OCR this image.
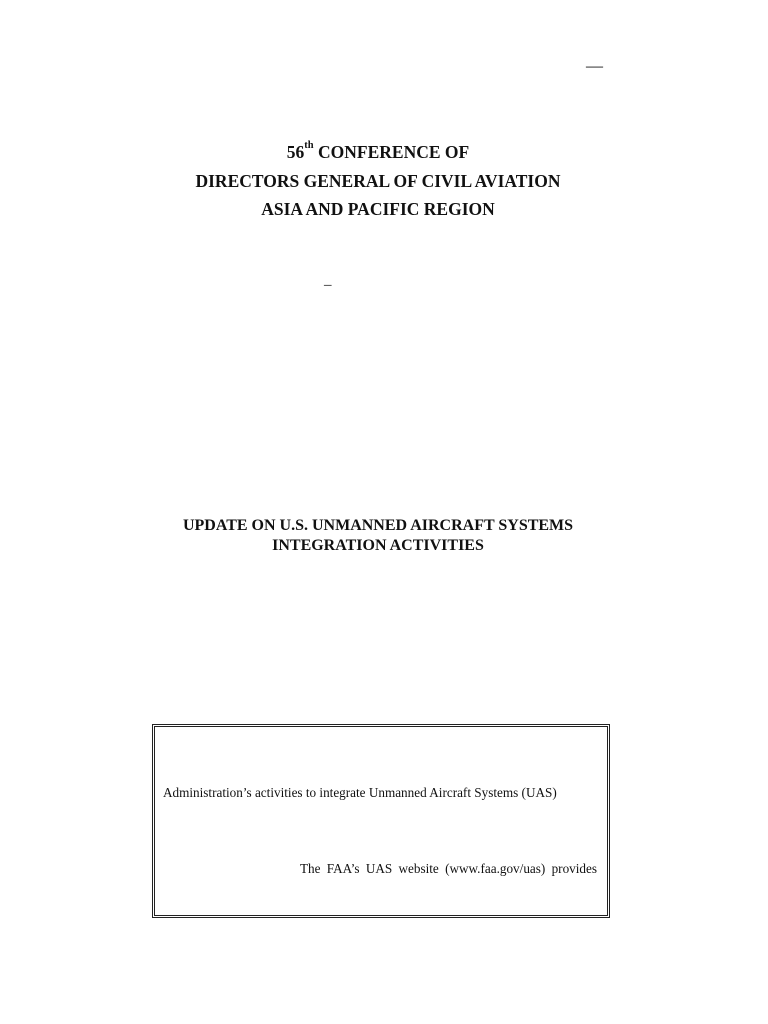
—
56th CONFERENCE OF
DIRECTORS GENERAL OF CIVIL AVIATION
ASIA AND PACIFIC REGION
–
UPDATE ON U.S. UNMANNED AIRCRAFT SYSTEMS
INTEGRATION ACTIVITIES
Administration’s activities to integrate Unmanned Aircraft Systems (UAS)
The FAA’s UAS website (www.faa.gov/uas) provides
